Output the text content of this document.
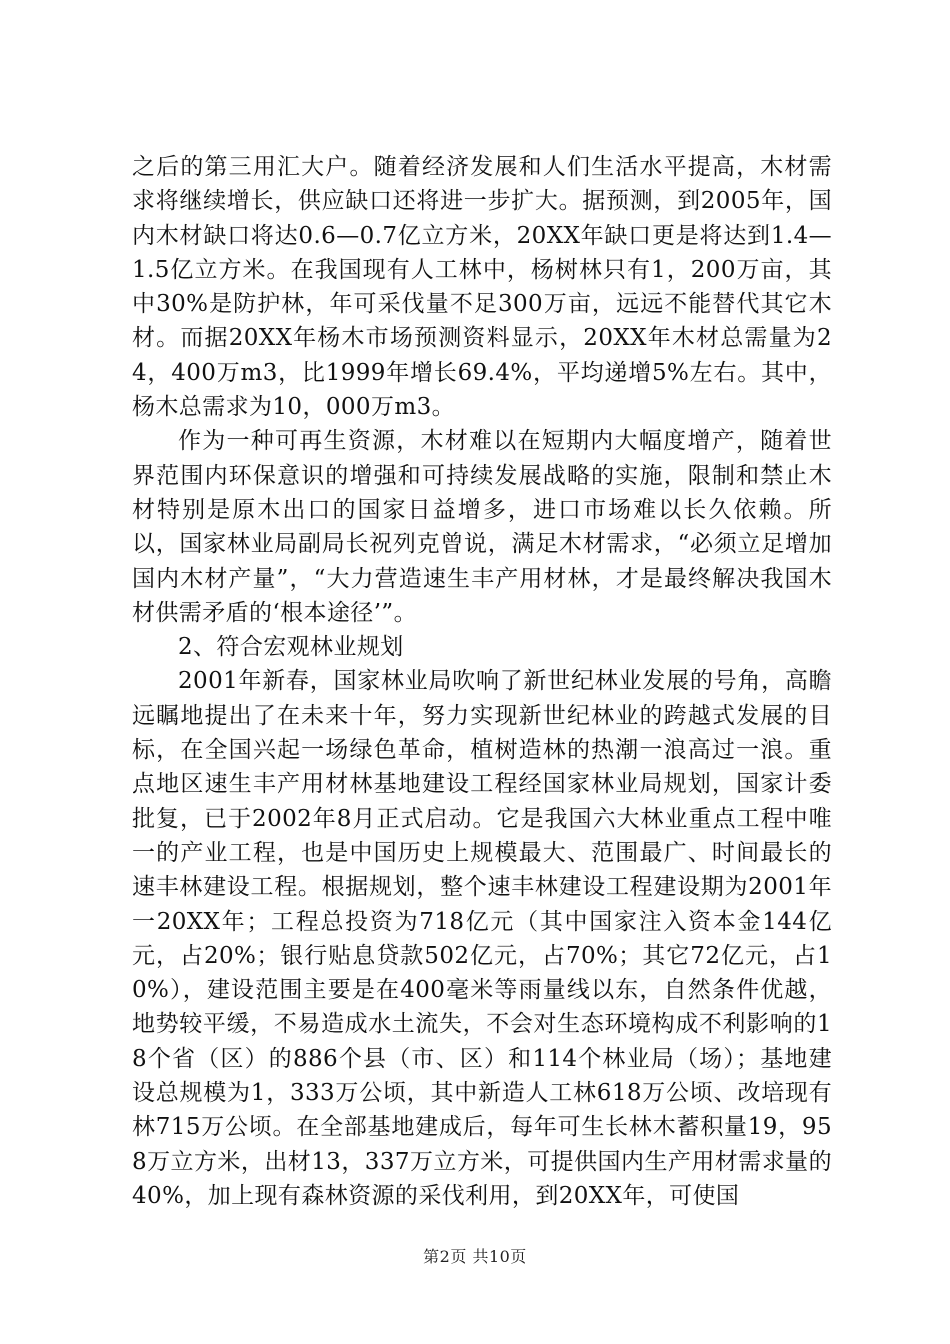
之后的第三用汇大户。随着经济发展和人们生活水平提高，木材需求将继续增长，供应缺口还将进一步扩大。据预测，到2005年，国内木材缺口将达0.6—0.7亿立方米，20XX年缺口更是将达到1.4—1.5亿立方米。在我国现有人工林中，杨树林只有1，200万亩，其中30%是防护林，年可采伐量不足300万亩，远远不能替代其它木材。而据20XX年杨木市场预测资料显示，20XX年木材总需量为24，400万m3，比1999年增长69.4%，平均递增5%左右。其中，杨木总需求为10，000万m3。

作为一种可再生资源，木材难以在短期内大幅度增产，随着世界范围内环保意识的增强和可持续发展战略的实施，限制和禁止木材特别是原木出口的国家日益增多，进口市场难以长久依赖。所以，国家林业局副局长祝列克曾说，满足木材需求，“必须立足增加国内木材产量”，“大力营造速生丰产用材林，才是最终解决我国木材供需矛盾的‘根本途径’”。

2、符合宏观林业规划

2001年新春，国家林业局吹响了新世纪林业发展的号角，高瞻远瞩地提出了在未来十年，努力实现新世纪林业的跨越式发展的目标，在全国兴起一场绿色革命，植树造林的热潮一浪高过一浪。重点地区速生丰产用材林基地建设工程经国家林业局规划，国家计委批复，已于2002年8月正式启动。它是我国六大林业重点工程中唯一的产业工程，也是中国历史上规模最大、范围最广、时间最长的速丰林建设工程。根据规划，整个速丰林建设工程建设期为2001年一20XX年；工程总投资为718亿元（其中国家注入资本金144亿元，占20%；银行贴息贷款502亿元，占70%；其它72亿元，占10%），建设范围主要是在400毫米等雨量线以东，自然条件优越，地势较平缓，不易造成水土流失，不会对生态环境构成不利影响的18个省（区）的886个县（市、区）和114个林业局（场）；基地建设总规模为1，333万公顷，其中新造人工林618万公顷、改培现有林715万公顷。在全部基地建成后，每年可生长林木蓄积量19，958万立方米，出材13，337万立方米，可提供国内生产用材需求量的40%，加上现有森林资源的采伐利用，到20XX年，可使国

第2页 共10页
